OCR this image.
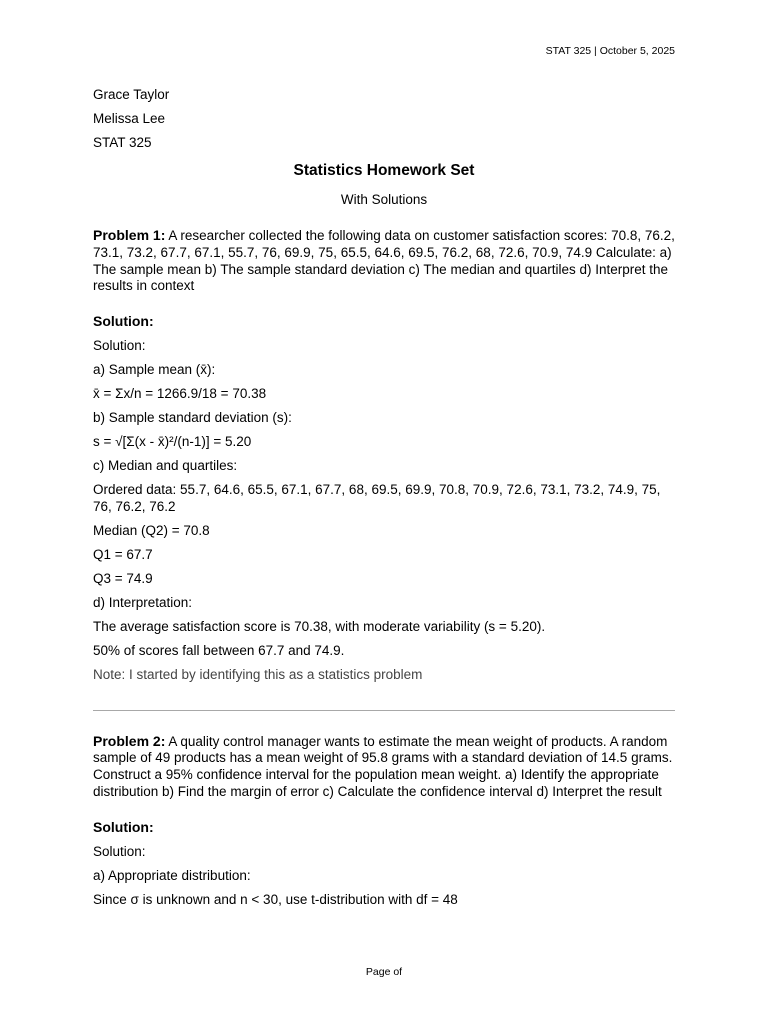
STAT 325 | October 5, 2025
Grace Taylor
Melissa Lee
STAT 325
Statistics Homework Set
With Solutions
Problem 1: A researcher collected the following data on customer satisfaction scores: 70.8, 76.2, 73.1, 73.2, 67.7, 67.1, 55.7, 76, 69.9, 75, 65.5, 64.6, 69.5, 76.2, 68, 72.6, 70.9, 74.9 Calculate: a) The sample mean b) The sample standard deviation c) The median and quartiles d) Interpret the results in context
Solution:
Solution:
a) Sample mean (x̄):
x̄ = Σx/n = 1266.9/18 = 70.38
b) Sample standard deviation (s):
s = √[Σ(x - x̄)²/(n-1)] = 5.20
c) Median and quartiles:
Ordered data: 55.7, 64.6, 65.5, 67.1, 67.7, 68, 69.5, 69.9, 70.8, 70.9, 72.6, 73.1, 73.2, 74.9, 75, 76, 76.2, 76.2
Median (Q2) = 70.8
Q1 = 67.7
Q3 = 74.9
d) Interpretation:
The average satisfaction score is 70.38, with moderate variability (s = 5.20).
50% of scores fall between 67.7 and 74.9.
Note: I started by identifying this as a statistics problem
Problem 2: A quality control manager wants to estimate the mean weight of products. A random sample of 49 products has a mean weight of 95.8 grams with a standard deviation of 14.5 grams. Construct a 95% confidence interval for the population mean weight. a) Identify the appropriate distribution b) Find the margin of error c) Calculate the confidence interval d) Interpret the result
Solution:
Solution:
a) Appropriate distribution:
Since σ is unknown and n < 30, use t-distribution with df = 48
Page of
